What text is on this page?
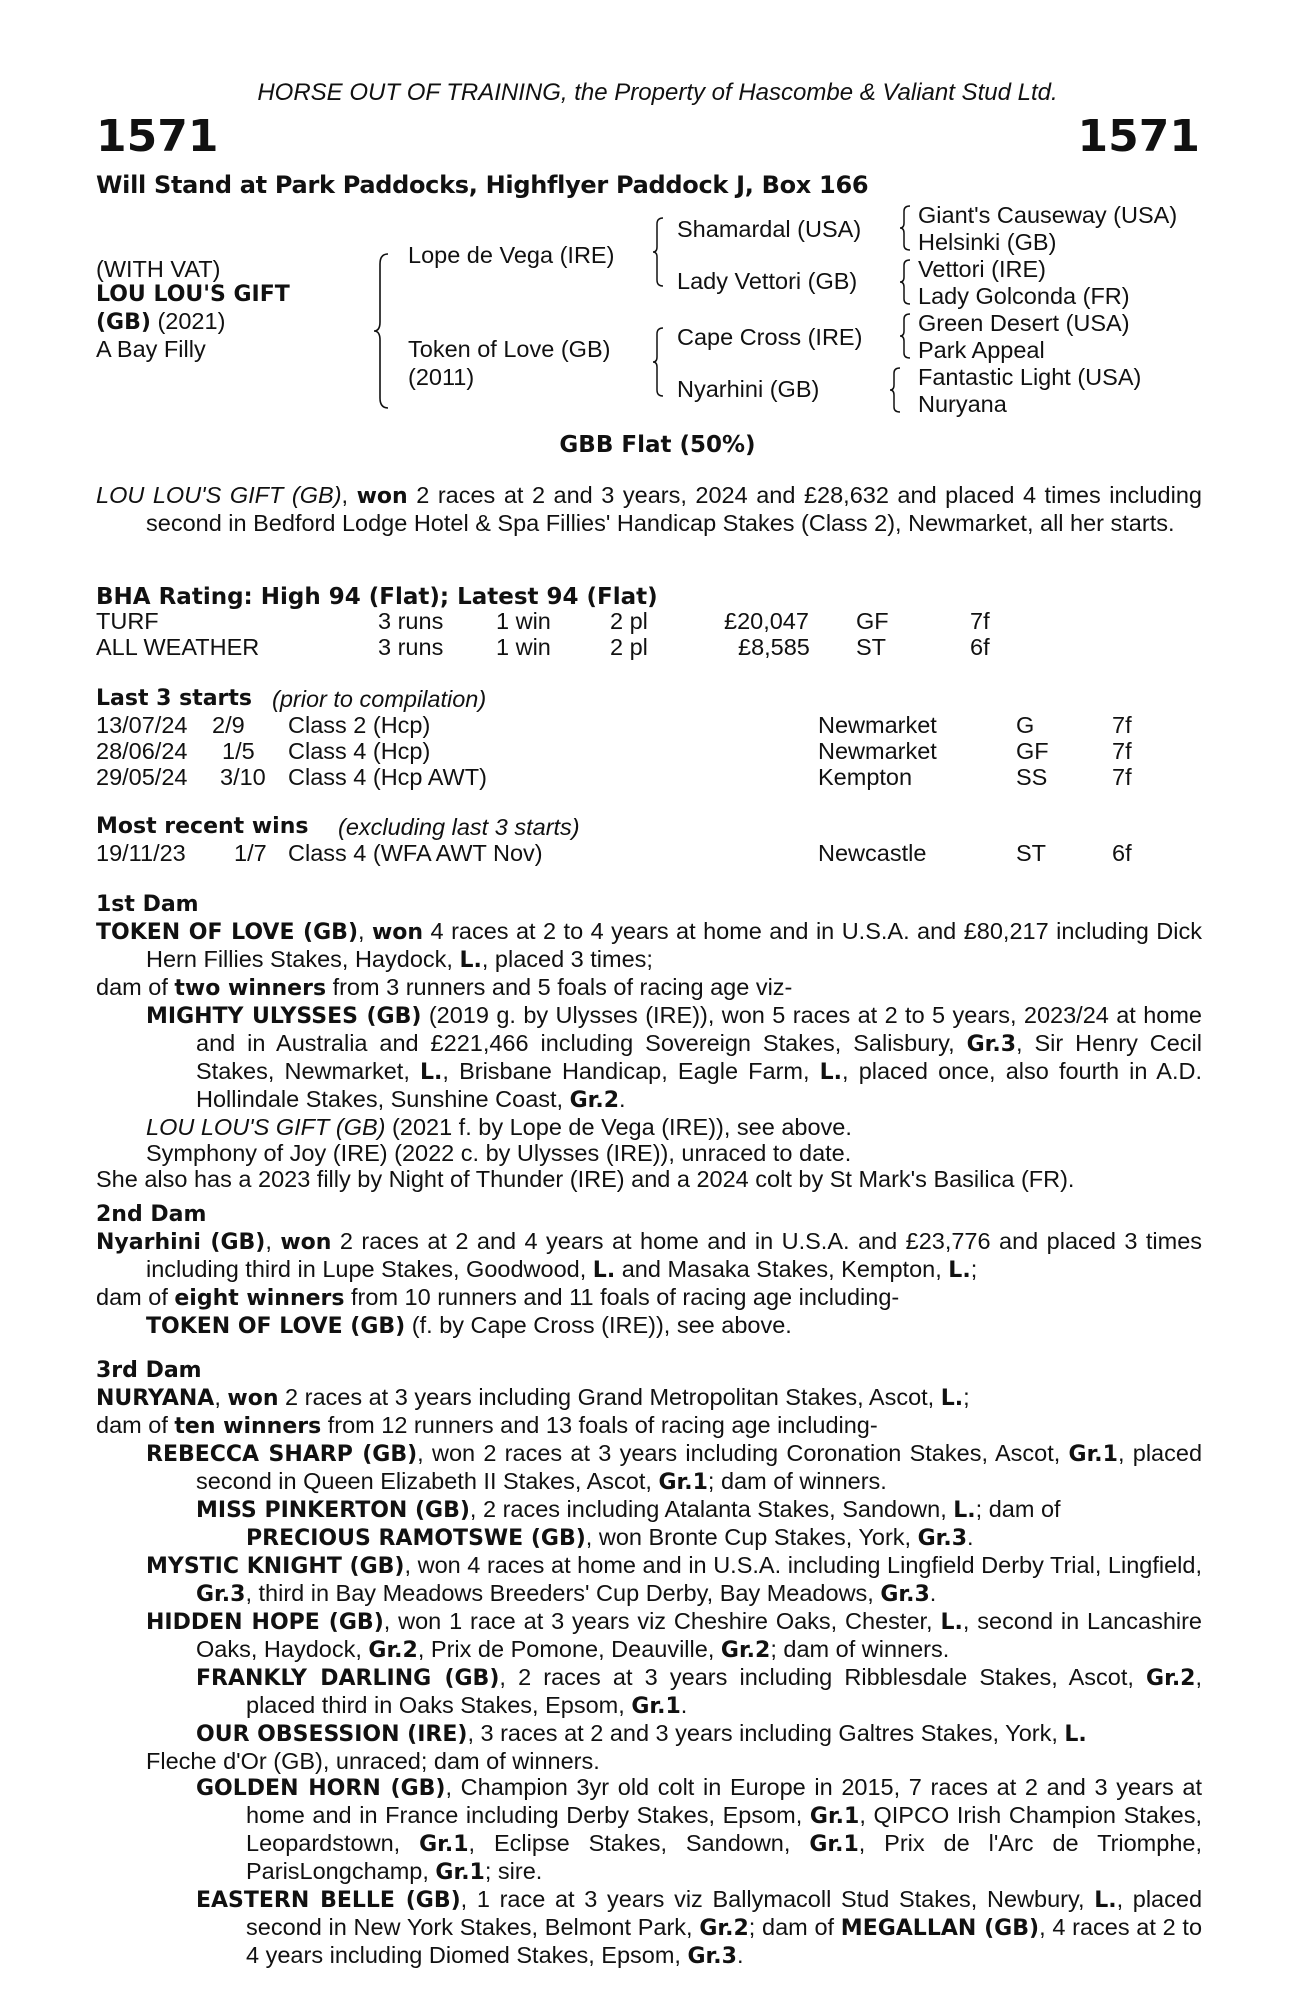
HORSE OUT OF TRAINING, the Property of Hascombe & Valiant Stud Ltd.
1571	1571
Will Stand at Park Paddocks, Highflyer Paddock J, Box 166
(WITH VAT)
LOU LOU'S GIFT
(GB) (2021)
A Bay Filly
Lope de Vega (IRE)
Token of Love (GB)
(2011)
Shamardal (USA)
Lady Vettori (GB)
Cape Cross (IRE)
Nyarhini (GB)
Giant's Causeway (USA)
Helsinki (GB)
Vettori (IRE)
Lady Golconda (FR)
Green Desert (USA)
Park Appeal
Fantastic Light (USA)
Nuryana
GBB Flat (50%)
LOU LOU'S GIFT (GB), won 2 races at 2 and 3 years, 2024 and £28,632 and placed 4 times including second in Bedford Lodge Hotel & Spa Fillies' Handicap Stakes (Class 2), Newmarket, all her starts.
BHA Rating: High 94 (Flat); Latest 94 (Flat)
TURF	3 runs 1 win	2 pl	£20,047 GF	7f
ALL WEATHER	3 runs 1 win	2 pl	£8,585 ST	6f
Last 3 starts (prior to compilation)
13/07/24 2/9 Class 2 (Hcp)	Newmarket	G	7f
28/06/24 1/5 Class 4 (Hcp)	Newmarket	GF	7f
29/05/24 3/10 Class 4 (Hcp AWT)	Kempton	SS	7f
Most recent wins (excluding last 3 starts)
19/11/23 1/7 Class 4 (WFA AWT Nov)	Newcastle	ST	6f
1st Dam
TOKEN OF LOVE (GB), won 4 races at 2 to 4 years at home and in U.S.A. and £80,217 including Dick Hern Fillies Stakes, Haydock, L., placed 3 times;
dam of two winners from 3 runners and 5 foals of racing age viz-
MIGHTY ULYSSES (GB) (2019 g. by Ulysses (IRE)), won 5 races at 2 to 5 years, 2023/24 at home and in Australia and £221,466 including Sovereign Stakes, Salisbury, Gr.3, Sir Henry Cecil Stakes, Newmarket, L., Brisbane Handicap, Eagle Farm, L., placed once, also fourth in A.D. Hollindale Stakes, Sunshine Coast, Gr.2.
LOU LOU'S GIFT (GB) (2021 f. by Lope de Vega (IRE)), see above.
Symphony of Joy (IRE) (2022 c. by Ulysses (IRE)), unraced to date.
She also has a 2023 filly by Night of Thunder (IRE) and a 2024 colt by St Mark's Basilica (FR).
2nd Dam
Nyarhini (GB), won 2 races at 2 and 4 years at home and in U.S.A. and £23,776 and placed 3 times including third in Lupe Stakes, Goodwood, L. and Masaka Stakes, Kempton, L.;
dam of eight winners from 10 runners and 11 foals of racing age including-
TOKEN OF LOVE (GB) (f. by Cape Cross (IRE)), see above.
3rd Dam
NURYANA, won 2 races at 3 years including Grand Metropolitan Stakes, Ascot, L.;
dam of ten winners from 12 runners and 13 foals of racing age including-
REBECCA SHARP (GB), won 2 races at 3 years including Coronation Stakes, Ascot, Gr.1, placed second in Queen Elizabeth II Stakes, Ascot, Gr.1; dam of winners.
MISS PINKERTON (GB), 2 races including Atalanta Stakes, Sandown, L.; dam of
PRECIOUS RAMOTSWE (GB), won Bronte Cup Stakes, York, Gr.3.
MYSTIC KNIGHT (GB), won 4 races at home and in U.S.A. including Lingfield Derby Trial, Lingfield, Gr.3, third in Bay Meadows Breeders' Cup Derby, Bay Meadows, Gr.3.
HIDDEN HOPE (GB), won 1 race at 3 years viz Cheshire Oaks, Chester, L., second in Lancashire Oaks, Haydock, Gr.2, Prix de Pomone, Deauville, Gr.2; dam of winners.
FRANKLY DARLING (GB), 2 races at 3 years including Ribblesdale Stakes, Ascot, Gr.2, placed third in Oaks Stakes, Epsom, Gr.1.
OUR OBSESSION (IRE), 3 races at 2 and 3 years including Galtres Stakes, York, L.
Fleche d'Or (GB), unraced; dam of winners.
GOLDEN HORN (GB), Champion 3yr old colt in Europe in 2015, 7 races at 2 and 3 years at home and in France including Derby Stakes, Epsom, Gr.1, QIPCO Irish Champion Stakes, Leopardstown, Gr.1, Eclipse Stakes, Sandown, Gr.1, Prix de l'Arc de Triomphe, ParisLongchamp, Gr.1; sire.
EASTERN BELLE (GB), 1 race at 3 years viz Ballymacoll Stud Stakes, Newbury, L., placed second in New York Stakes, Belmont Park, Gr.2; dam of MEGALLAN (GB), 4 races at 2 to 4 years including Diomed Stakes, Epsom, Gr.3.
